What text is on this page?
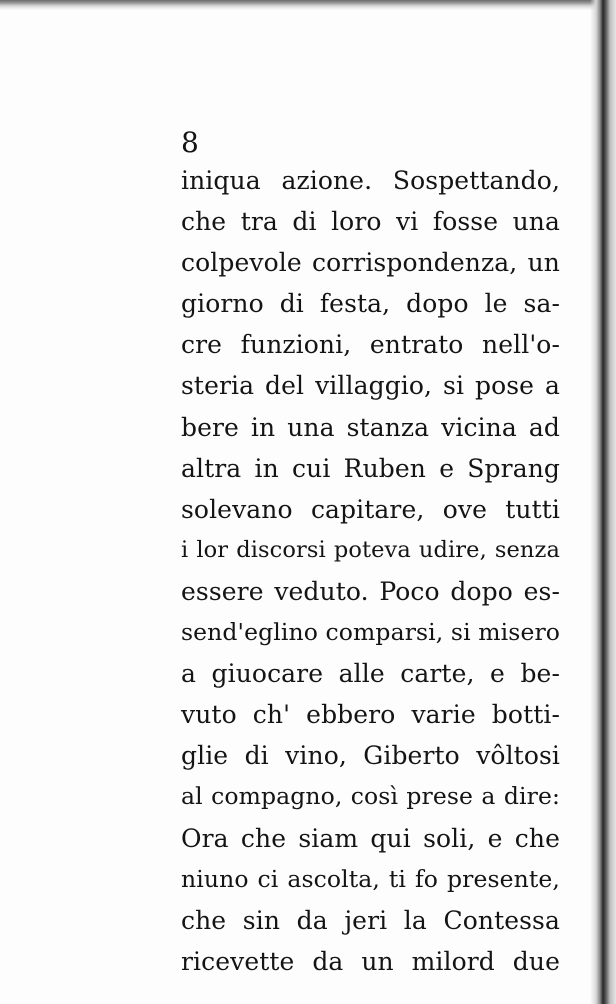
8
iniqua azione. Sospettando,
che tra di loro vi fosse una
colpevole corrispondenza, un
giorno di festa, dopo le sa-
cre funzioni, entrato nell'o-
steria del villaggio, si pose a
bere in una stanza vicina ad
altra in cui Ruben e Sprang
solevano capitare, ove tutti
i lor discorsi poteva udire, senza
essere veduto. Poco dopo es-
send'eglino comparsi, si misero
a giuocare alle carte, e be-
vuto ch' ebbero varie botti-
glie di vino, Giberto vôltosi
al compagno, così prese a dire:
Ora che siam qui soli, e che
niuno ci ascolta, ti fo presente,
che sin da jeri la Contessa
ricevette da un milord due
